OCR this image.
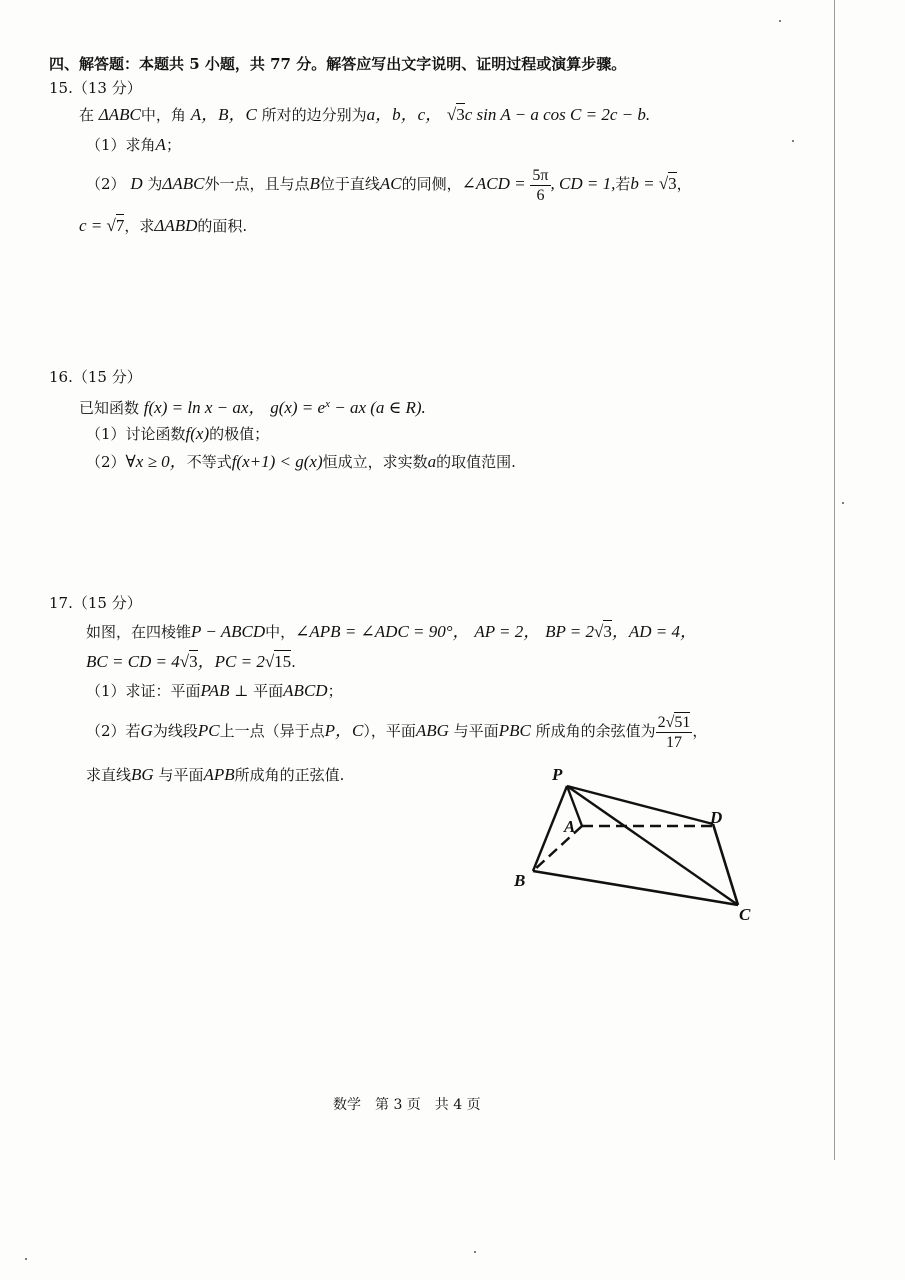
四、解答题：本题共 5 小题，共 77 分。解答应写出文字说明、证明过程或演算步骤。
15.（13 分）
在 ΔABC中，角 A，B，C 所对的边分别为a，b，c， √3c sin A − a cos C = 2c − b.
（1）求角A；
（2） D 为ΔABC外一点，且与点B位于直线AC的同侧，∠ACD = $\frac{5\pi}{6}$ , CD = 1,若b = √3，
c = √7，求ΔABD的面积.
16.（15 分）
已知函数 f(x) = ln x − ax， $g(x) = e^x$ − ax (a ∈ R).
（1）讨论函数f(x)的极值；
（2）∀x ≥ 0，不等式f(x+1) < g(x)恒成立，求实数a的取值范围.
17.（15 分）
如图，在四棱锥P − ABCD中，∠APB = ∠ADC = 90°， AP = 2， BP = 2√3，AD = 4，
BC = CD = 4√3，PC = 2√15.
（1）求证：平面PAB ⊥ 平面ABCD；
（2）若G为线段PC上一点（异于点P，C），平面ABG 与平面PBC 所成角的余弦值为 $\frac{2√51}{17}$ ，
求直线BG 与平面APB所成角的正弦值.	P
A
B
C
D
数学　第 3 页　共 4 页
